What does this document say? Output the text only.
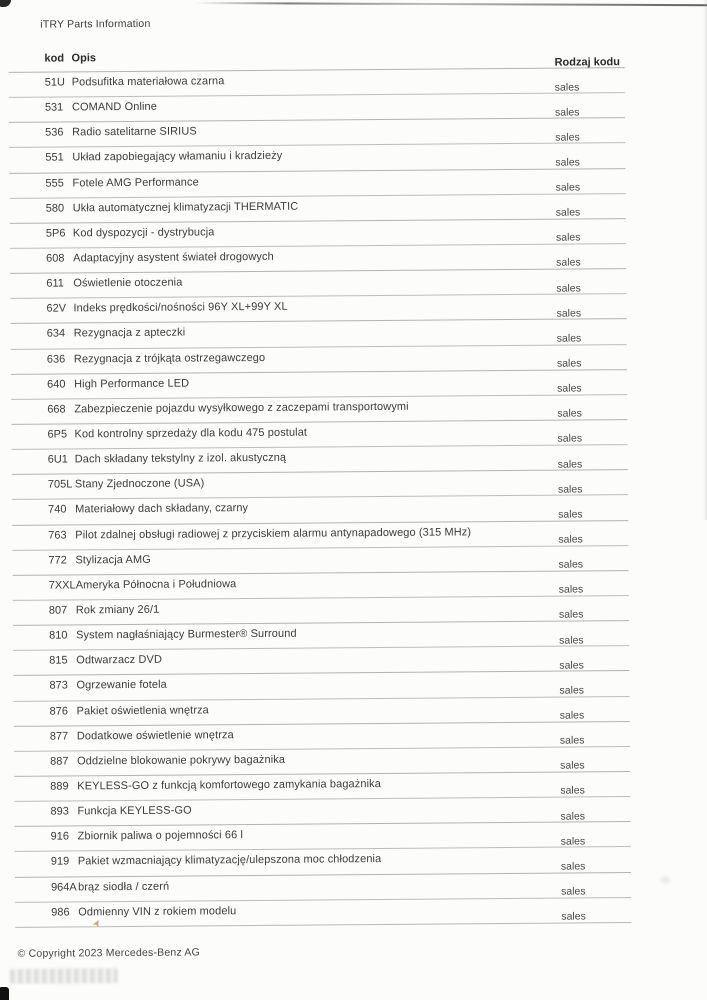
iTRY Parts Information
kod Opis	Rodzaj kodu
51U Podsufitka materiałowa czarna	sales
531 COMAND Online	sales
536 Radio satelitarne SIRIUS	sales
551 Układ zapobiegający włamaniu i kradzieży	sales
555 Fotele AMG Performance	sales
580 Ukła automatycznej klimatyzacji THERMATIC	sales
5P6 Kod dyspozycji - dystrybucja	sales
608 Adaptacyjny asystent świateł drogowych	sales
611 Oświetlenie otoczenia	sales
62V Indeks prędkości/nośności 96Y XL+99Y XL	sales
634 Rezygnacja z apteczki	sales
636 Rezygnacja z trójkąta ostrzegawczego	sales
640 High Performance LED	sales
668 Zabezpieczenie pojazdu wysyłkowego z zaczepami transportowymi	sales
6P5 Kod kontrolny sprzedaży dla kodu 475 postulat	sales
6U1 Dach składany tekstylny z izol. akustyczną	sales
705L Stany Zjednoczone (USA)	sales
740 Materiałowy dach składany, czarny	sales
763 Pilot zdalnej obsługi radiowej z przyciskiem alarmu antynapadowego (315 MHz)	sales
772 Stylizacja AMG	sales
7XXL Ameryka Północna i Południowa	sales
807 Rok zmiany 26/1	sales
810 System nagłaśniający Burmester® Surround	sales
815 Odtwarzacz DVD	sales
873 Ogrzewanie fotela	sales
876 Pakiet oświetlenia wnętrza	sales
877 Dodatkowe oświetlenie wnętrza	sales
887 Oddzielne blokowanie pokrywy bagażnika	sales
889 KEYLESS-GO z funkcją komfortowego zamykania bagażnika	sales
893 Funkcja KEYLESS-GO	sales
916 Zbiornik paliwa o pojemności 66 l	sales
919 Pakiet wzmacniający klimatyzację/ulepszona moc chłodzenia	sales
964A brąz siodła / czerń	sales
986 Odmienny VIN z rokiem modelu	sales
© Copyright 2023 Mercedes-Benz AG
➤
